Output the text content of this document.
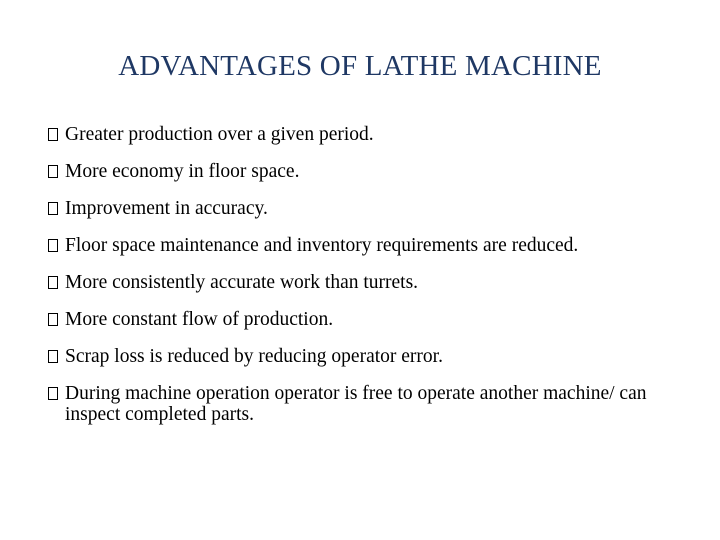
ADVANTAGES OF LATHE MACHINE
Greater production over a given period.
More economy in floor space.
Improvement in accuracy.
Floor space maintenance and inventory requirements are reduced.
More consistently accurate work than turrets.
More constant flow of production.
Scrap loss is reduced by reducing operator error.
During machine operation operator is free to operate another machine/ can inspect completed parts.
